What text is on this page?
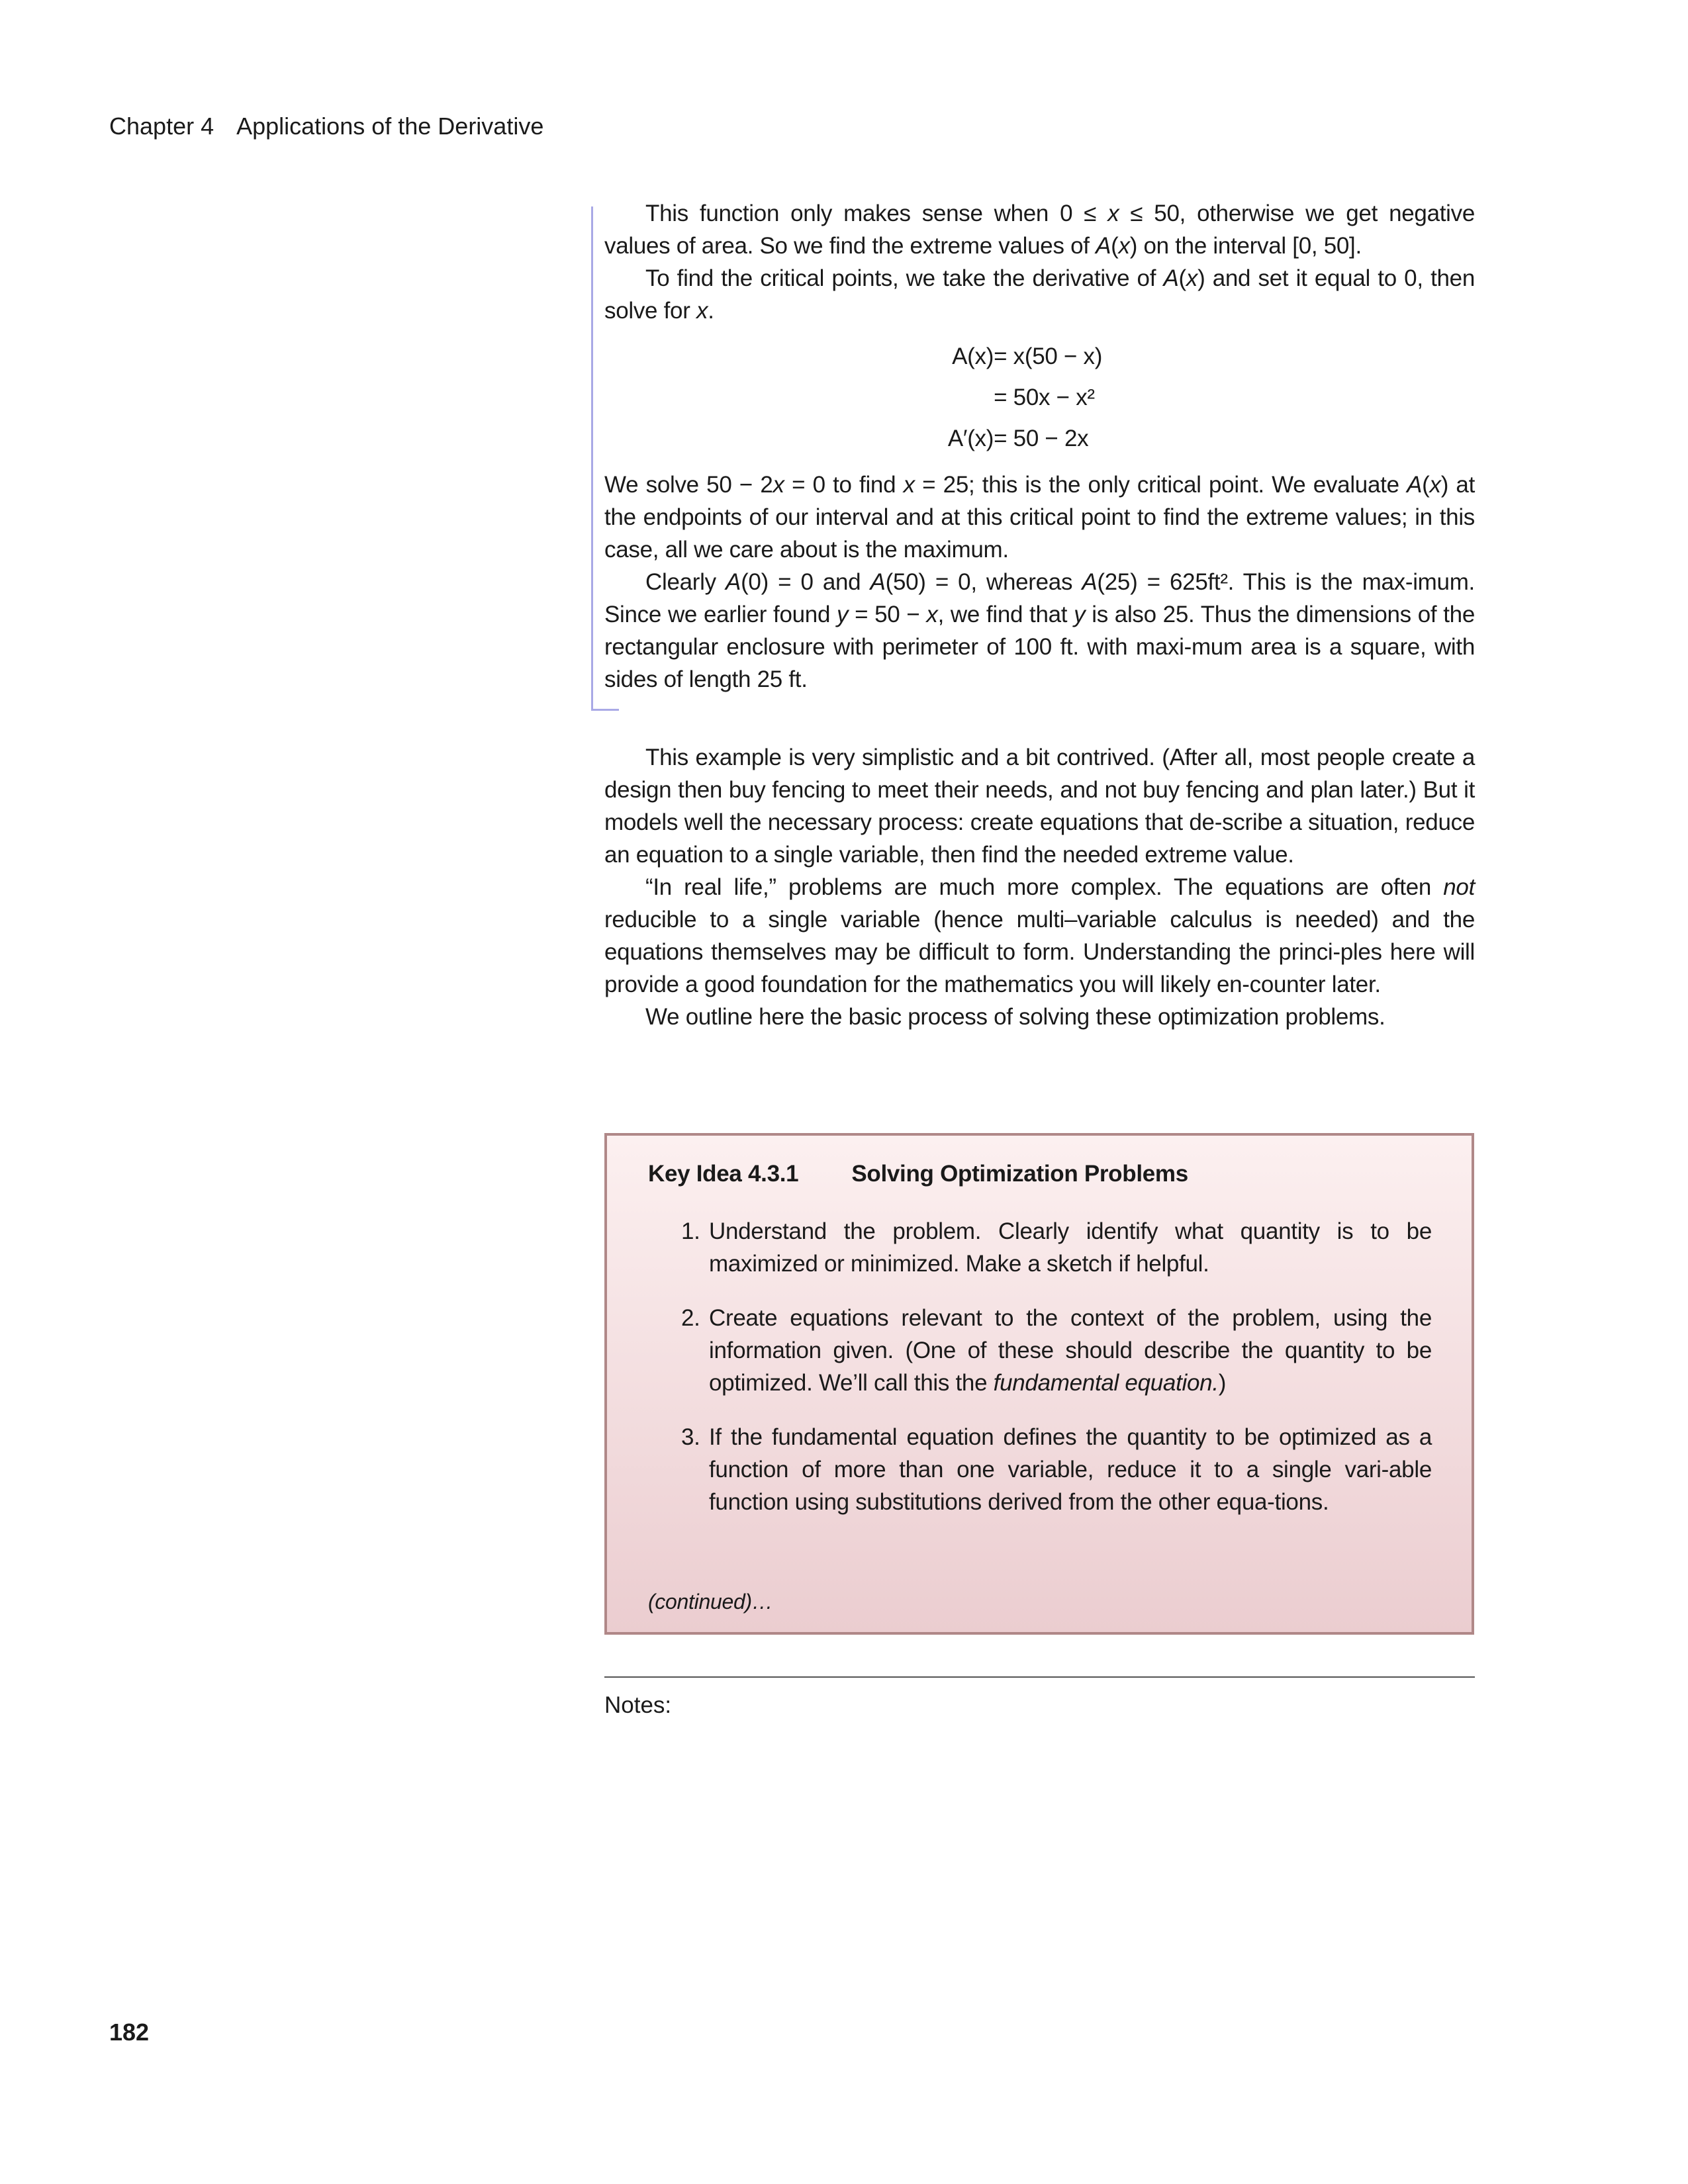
Chapter 4 Applications of the Derivative

This function only makes sense when 0 ≤ x ≤ 50, otherwise we get negative values of area. So we find the extreme values of A(x) on the interval [0, 50].

To find the critical points, we take the derivative of A(x) and set it equal to 0, then solve for x.

A(x)	= x(50 − x)
	= 50x − x²
A′(x)	= 50 − 2x

We solve 50 − 2x = 0 to find x = 25; this is the only critical point. We evaluate A(x) at the endpoints of our interval and at this critical point to find the extreme values; in this case, all we care about is the maximum.

Clearly A(0) = 0 and A(50) = 0, whereas A(25) = 625ft². This is the max-imum. Since we earlier found y = 50 − x, we find that y is also 25. Thus the dimensions of the rectangular enclosure with perimeter of 100 ft. with maxi-mum area is a square, with sides of length 25 ft.

This example is very simplistic and a bit contrived. (After all, most people create a design then buy fencing to meet their needs, and not buy fencing and plan later.) But it models well the necessary process: create equations that de-scribe a situation, reduce an equation to a single variable, then find the needed extreme value.

“In real life,” problems are much more complex. The equations are often not reducible to a single variable (hence multi–variable calculus is needed) and the equations themselves may be difficult to form. Understanding the princi-ples here will provide a good foundation for the mathematics you will likely en-counter later.

We outline here the basic process of solving these optimization problems.

Key Idea 4.3.1 Solving Optimization Problems
1. Understand the problem. Clearly identify what quantity is to be maximized or minimized. Make a sketch if helpful.
2. Create equations relevant to the context of the problem, using the information given. (One of these should describe the quantity to be optimized. We’ll call this the fundamental equation.)
3. If the fundamental equation defines the quantity to be optimized as a function of more than one variable, reduce it to a single vari-able function using substitutions derived from the other equa-tions.
(continued)…
Notes:
182
